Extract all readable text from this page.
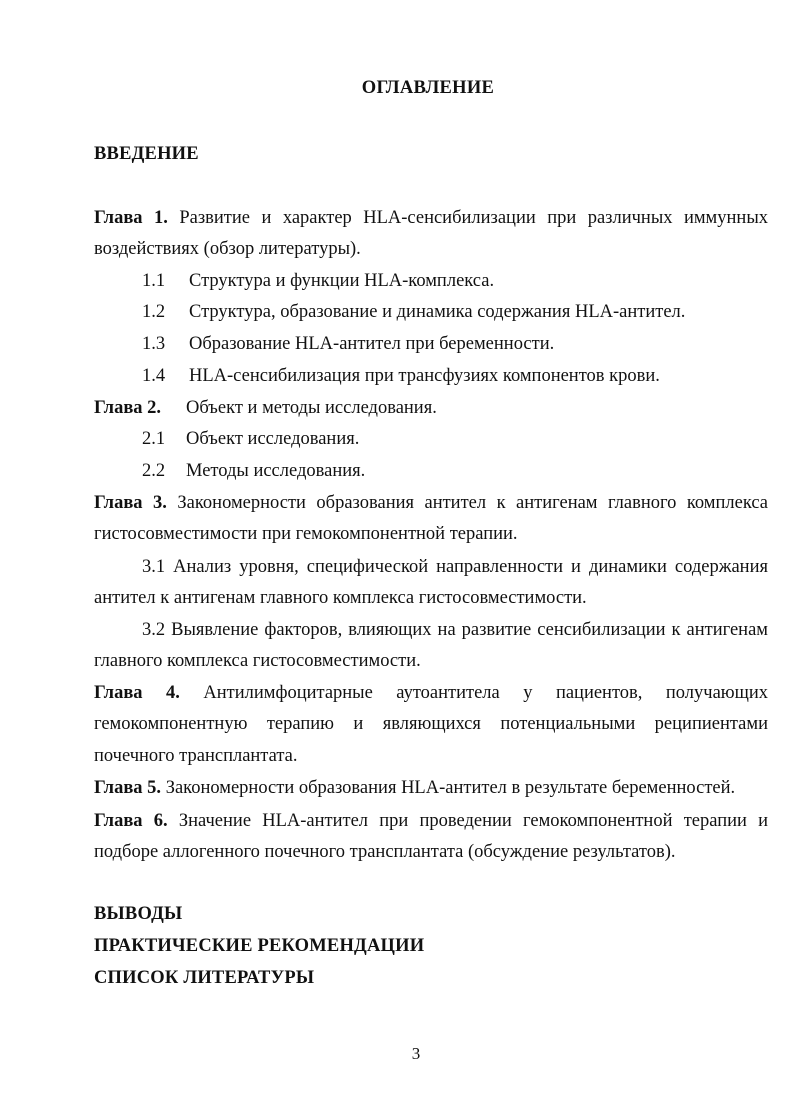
ОГЛАВЛЕНИЕ
ВВЕДЕНИЕ
Глава 1. Развитие и характер HLA-сенсибилизации при различных иммунных
воздействиях (обзор литературы).
1.1 Структура и функции HLA-комплекса.
1.2 Структура, образование и динамика содержания HLA-антител.
1.3 Образование HLA-антител при беременности.
1.4 HLA-сенсибилизация при трансфузиях компонентов крови.
Глава 2. Объект и методы исследования.
2.1 Объект исследования.
2.2 Методы исследования.
Глава 3. Закономерности образования антител к антигенам главного комплекса
гистосовместимости при гемокомпонентной терапии.
3.1 Анализ уровня, специфической направленности и динамики содержания
антител к антигенам главного комплекса гистосовместимости.
3.2 Выявление факторов, влияющих на развитие сенсибилизации к антигенам
главного комплекса гистосовместимости.
Глава 4. Антилимфоцитарные аутоантитела у пациентов, получающих
гемокомпонентную терапию и являющихся потенциальными реципиентами
почечного трансплантата.
Глава 5. Закономерности образования HLA-антител в результате беременностей.
Глава 6. Значение HLA-антител при проведении гемокомпонентной терапии и
подборе аллогенного почечного трансплантата (обсуждение результатов).
ВЫВОДЫ
ПРАКТИЧЕСКИЕ РЕКОМЕНДАЦИИ
СПИСОК ЛИТЕРАТУРЫ
3
